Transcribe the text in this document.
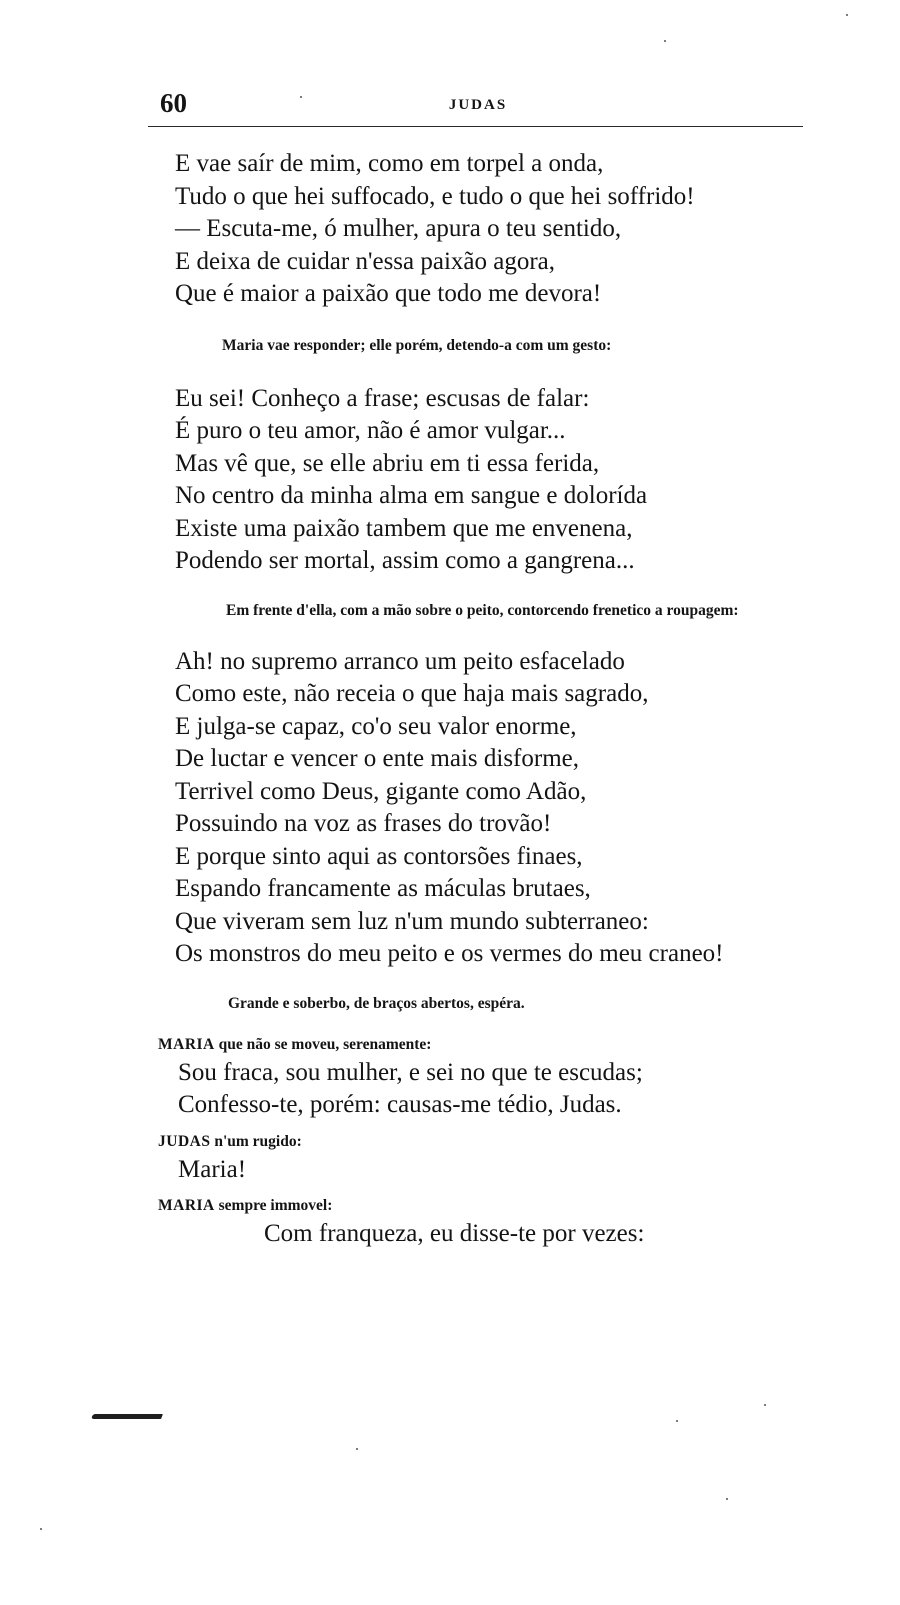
60	JUDAS
E vae saír de mim, como em torpel a onda,
Tudo o que hei suffocado, e tudo o que hei soffrido!
— Escuta-me, ó mulher, apura o teu sentido,
E deixa de cuidar n'essa paixão agora,
Que é maior a paixão que todo me devora!
Maria vae responder; elle porém, detendo-a com um gesto:
Eu sei! Conheço a frase; escusas de falar:
É puro o teu amor, não é amor vulgar...
Mas vê que, se elle abriu em ti essa ferida,
No centro da minha alma em sangue e dolorída
Existe uma paixão tambem que me envenena,
Podendo ser mortal, assim como a gangrena...
Em frente d'ella, com a mão sobre o peito, contorcendo frenetico a roupagem:
Ah! no supremo arranco um peito esfacelado
Como este, não receia o que haja mais sagrado,
E julga-se capaz, co'o seu valor enorme,
De luctar e vencer o ente mais disforme,
Terrivel como Deus, gigante como Adão,
Possuindo na voz as frases do trovão!
E porque sinto aqui as contorsões finaes,
Espando francamente as máculas brutaes,
Que viveram sem luz n'um mundo subterraneo:
Os monstros do meu peito e os vermes do meu craneo!
Grande e soberbo, de braços abertos, espéra.
MARIA que não se moveu, serenamente:
Sou fraca, sou mulher, e sei no que te escudas;
Confesso-te, porém: causas-me tédio, Judas.
JUDAS n'um rugido:
Maria!
MARIA sempre immovel:
Com franqueza, eu disse-te por vezes:
